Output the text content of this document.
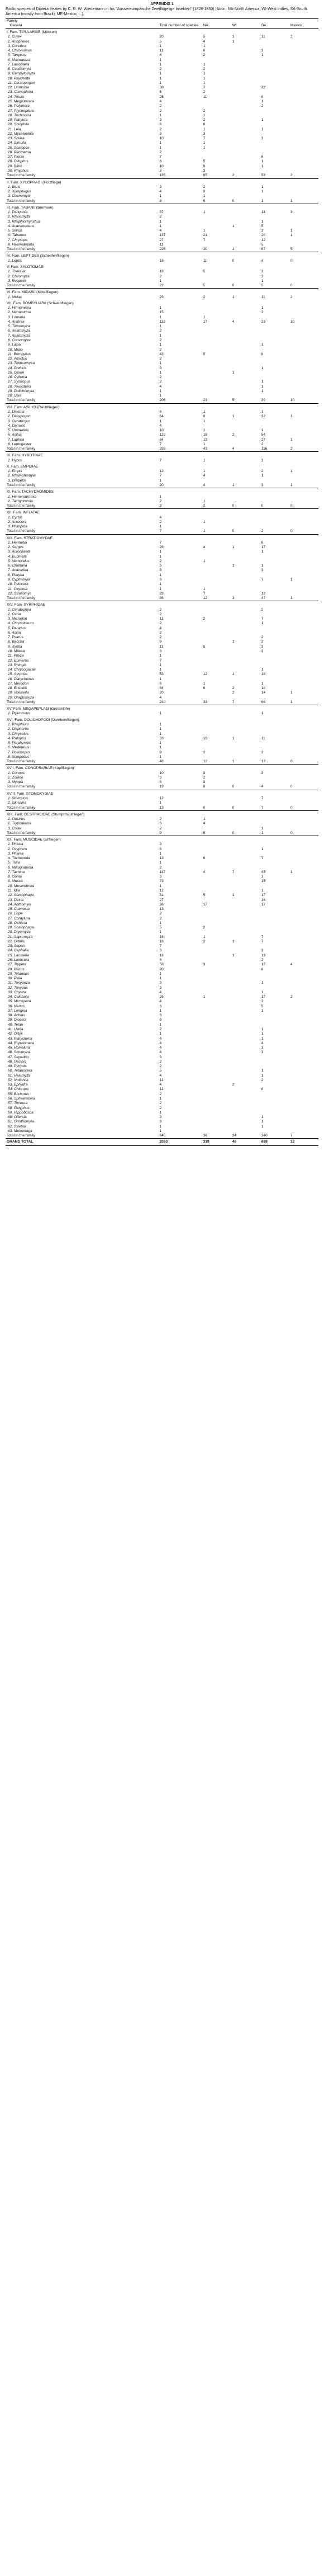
APPENDIX 1
Exotic species of Diptera treates by C. R. W. Wiedemann in his "Aussereuropäische Zweiflügelige Insekten" (1828-1830) (Abbr.: NA-North America; WI-West Indies, SA-South America (mostly from Brazil); ME-Mexico, ...).
Family
Genera	Total number of species	NA	WI	SA	Mexico
I. Fam. TIPULARIAE (Mücken)					
1. Culex	20	5	1	11	2
2. Anopheles	5	4	1		
3. Corethra	1	1			
4. Chironomus	11	6		3	
5. Tanypus	4	2		1	
6. Macropeza	1				
7. Lasioptera	1	1			
8. Cecidomyia	2	2			
9. Campylomyza	1	1			
10. Psychoda	1	1			
11. Ceratopogon	1	1			
12. Limnobia	38	7		22	
13. Ctenophora	5	2			
14. Tipula	25	11		6	
15. Megistocera	4			1	
16. Polymera	2			2	
17. Ptychoptera	2	2			
18. Trichocera	1	1			
19. Platyura	3	2		1	
20. Sciophila	6	6			
21. Leia	2	1		1	
22. Mycetophila	3	3			
23. Sciara	10	7		3	
24. Simulia	1	1			
25. Scatopse	1	1			
26. Penthetria	2				
27. Plecia	7			6	
28. Dilophus	6	5		1	
29. Bibio	10	9		1	
30. Rhyphus	3	3			
Total in the family	185	85	2	58	2
II. Fam. XYLOPHAGI (Holzfliege)					
1. Beris	3	2		1	
2. Xylophagus	4	3		1	
3. Coenomyia	1	1			
Total in the family	8	6	0	1	1
III. Fam. TABANII (Bremsen)					
1. Pangonia	37	1		14	3
2. Rhinomyza	2				
3. Rhaphiorhynchus	1			1	
4. Acanthomera	1		1	5	
5. Silvius	4	1		2	1
6. Tabanus	137	21		28	1
7. Chrysops	27	7		12	
8. Haematopota	11			5	
Total in the family	225	30	1	67	5
IV. Fam. LEPTIDES (Schepfenfliegen)					
1. Leptis	18	11	0	4	0
V. Fam. XYLOTOMAE					
1. Thereva	18	5		2	
2. Chiromyza	2			2	
3. Ruppelia	1			1	
Total in the family	22	5	0	5	0
VI. Fam. MIDASII (Mittelfliegen)					
1. Midas	23	2	1	11	2
VII. Fam. BOMBYLIARII (Schwebfliegen)					
1. Hirmoneura	1			1	
2. Nemestrina	15			2	
3. Lomatia	1	1			
4. Anthrax	118	17	4	23	10
5. Tomomyza	1				
6. Xestomyza	2				
7. Apatomyza	1				
8. Corsomyza	2				
9. Lasia	1			1	
10. Mulio	2				
11. Bombylius	43	5		8	
12. Amictus	2				
13. Thlipsomyza	1				
14. Phthiria	3			1	
15. Geron	1		1		
16. Cyllenia	2				
17. Systropus	2			1	
18. Toxophora	4			1	
19. Dolichomyia	1			1	
20. Usia	1				
Total in the family	206	23	5	39	10
VIII. Fam. ASILICI (Raubfliegen)					
1. Dioctria	6	1		1	
2. Dasypogon	64	8	1	32	1
3. Ceraturgus	1	1			
4. Damalis	4				
5. Ommatius	10	1		1	
6. Asilus	122	18	2	54	
7. Laphria	64	13		27	1
8. Leptogaster	7	1		2	
Total in the family	298	43	4	116	2
IX. Fam. HYBOTINAE					
1. Hybos	7	1		3	
X. Fam. EMPIDIAE					
1. Empis	12	1		2	1
2. Rhamphomyia	7	4		1	
3. Drapetis	1				
Total in the family	20	4	1	3	1
XI. Fam. TACHYDROMIDES					
1. Hemerodromia	1				
2. Tachydromia	2	1			
Total in the family	3	2	0	0	0
XII. Fam. INFLATAE					
1. Cyrtus	4				
2. Acrocera	2	1			
3. Philopota	1				
Total in the family	7	1	0	2	0
XIII. Fam. STRATIOMYDAE					
1. Hermetia	7			6	
2. Sargus	28	4	1	17	
3. Acrochaeta	1			1	
4. Eudmeta	1				
5. Nemotelus	2	1			
6. Clitellaria	5		1	1	
7. Acanthina	3			3	
8. Platyna	1				
9. Cyphomyia	8			7	1
10. Ptilocera	1				
11. Oxycera	1	1			
12. Stratiomys	28	7		12	
Total in the family	86	12	3	47	1
XIV. Fam. SYRPHIDAE					
1. Ceratophya	2			2	
2. Ceria	2				
3. Microdon	11	2		7	
4. Chrysotoxum	2			1	
5. Paragus	4				
6. Ascia	2				
7. Psarus	2			2	
8. Baccha	9		1	2	
9. Xylota	11	5		3	
10. Milesia	8			3	
11. Pipiza	1				
12. Eumerus	7				
13. Rhingia	1				
14. Chrysogaster	1			1	
15. Syrphus	53	12	1	18	
16. Platycheirus	1				
17. Merodon	6	1		1	
18. Eristalis	64	6	2	18	
19. Volucella	20		2	14	1
20. Graptomyza	4				
Total in the family	210	33	7	66	1
XV. Fam. MEGAPEPLAEI (Grosskipfe)					
1. Pipunculus	1			1	
XVI. Fam. DOLICHOPODI (Dornbeinfliegen)					
1. Rhaphium	1				
2. Diaphorus	1				
3. Chrysotus	1				
4. Psilopus	33	10	1	11	
5. Porphyrops	1				
6. Medeterus	1				
7. Dolichopus	9	2		2	
8. Sciopodus	1				
Total in the family	48	12	1	13	0
XVII. Fam. CONOPSARIAE (Kopffliegen)					
1. Conops	10	3		3	
2. Zodion	3	2			
3. Myopa	6	3			
Total in the family	19	8	0	4	0
XVIII. Fam. STOMOXYDIAE					
1. Stomoxys	12			7	
2. Glossina	1				
Total in the family	13	0	0	7	0
XIX. Fam. OESTRACIDAE (Stumpfmaulfliegen)					
1. Oestrus	2	1			
2. Trypoderma	6	4			
3. Colax	2			1	
Total in the family	9	5	0	1	0
XX. Fam. MUSCIDAE (Urfliegen)					
1. Phasia	3				
2. Ocyptera	6			1	
3. Phania	1				
4. Trichopoda	13	6		7	
5. Trixa	1				
6. Miltogramma	2				
7. Tachina	117	4	7	45	1
8. Gonia	6			1	
9. Musca	73			15	
10. Mesembrina	1				
11. Idia	12			1	
12. Sarcophaga	31	5	1	17	
13. Dexia	27			16	
14. Anthomyia	36	17		17	
15. Coenosia	13				
16. Lispe	2				
17. Cordylura	2				
18. Ochtera	1				
19. Scatophaga	5	2			
20. Dryomyza	1				
21. Sapromyza	16	1		7	
22. Ortalis	16	2	1	7	
23. Sepsis	7				
24. Cephalia	3			3	
25. Lauxania	16		1	13	
26. Loxocera	4			2	
27. Trypeta	58	3		17	4
28. Dacus	20			6	
29. Tetanops	1				
30. Psila	1				
31. Tanypeza	3			1	
32. Tanypus	3				
33. Chyliza	4			1	
34. Calobata	26	1		17	2
35. Micropeza	4			2	
36. Nerius	6			5	
37. Longina	1			1	
38. Achias	3				
39. Diopsis	6				
40. Tetan	1				
41. Ulidia	2			1	
42. Ortyx	1			1	
43. Platystoma	4			1	
44. Ropalomera	4			4	
45. Homalura	4			1	
46. Sciomyza	4			3	
47. Sepedon	6				
48. Oscinis	2				
49. Pyrgota	2				
50. Tetanocera	5			1	
51. Helomyza	4			1	
52. Notiphila	11			2	
53. Ephydra	4		2		
54. Chlorops	11			6	
55. Borborus	2				
56. Sphaerocera	1				
57. Trineura	2				
58. Gelyphus	2				
59. Hippobosca	1				
60. Olfersia	3			1	
61. Ornithomyia	3			1	
62. Strebla	1			1	
63. Melophaga	1				
Total in the family	645	36	24	240	7
GRAND TOTAL	2053	319	46	688	32
